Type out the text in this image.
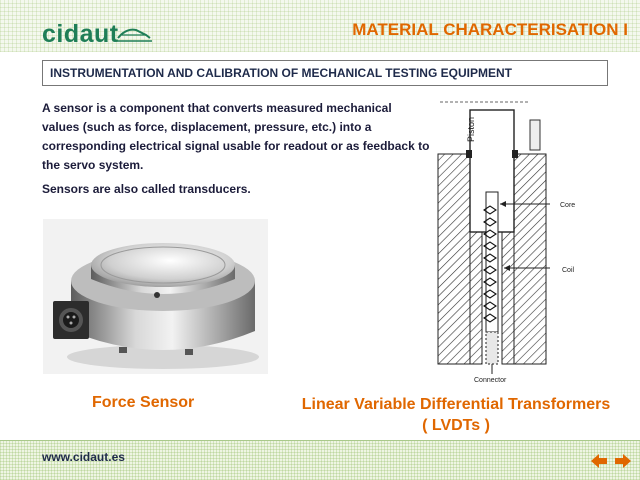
cidaut	MATERIAL CHARACTERISATION I
INSTRUMENTATION AND CALIBRATION OF MECHANICAL TESTING EQUIPMENT

A sensor is a component that converts measured mechanical values (such as force, displacement, pressure, etc.) into a corresponding electrical signal usable for readout or as feedback to the servo system.

Sensors are also called transducers.

Piston
Core
Coil
Connector
Force Sensor	Linear Variable Differential Transformers
( LVDTs )
www.cidaut.es
